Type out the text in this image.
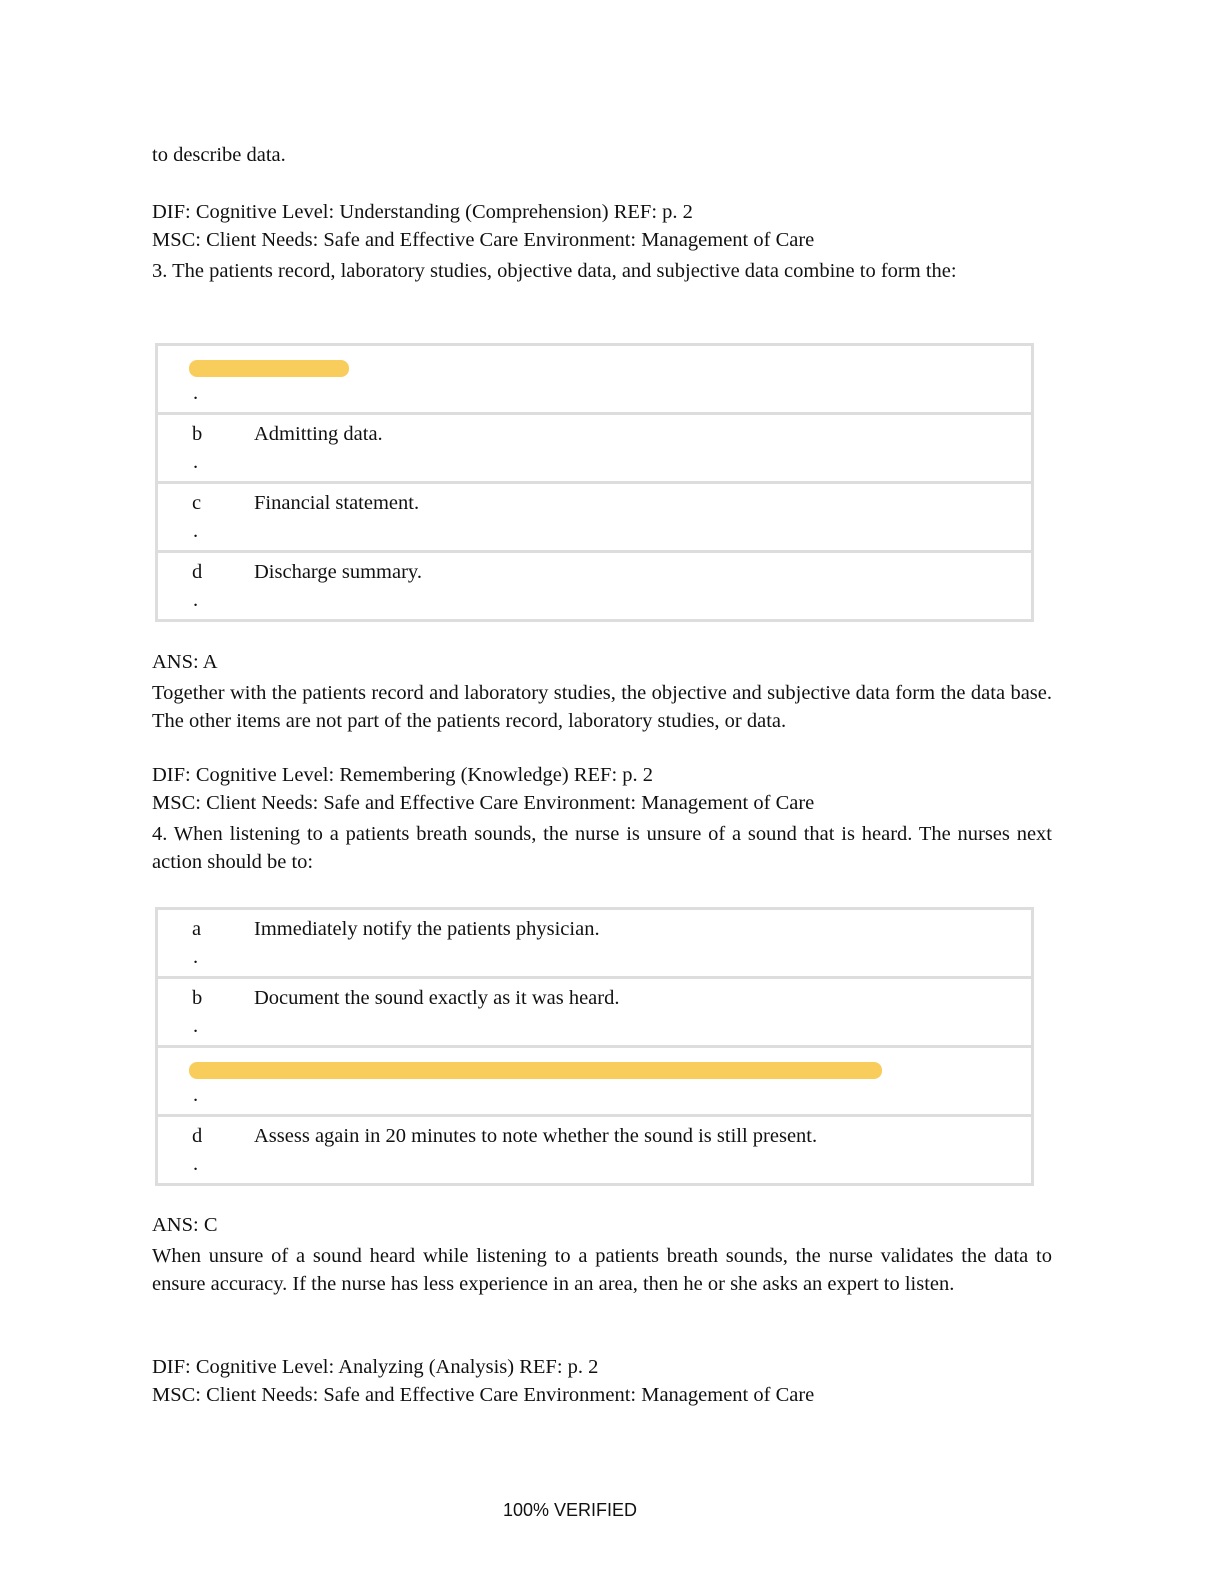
to describe data.
DIF: Cognitive Level: Understanding (Comprehension) REF: p. 2
MSC: Client Needs: Safe and Effective Care Environment: Management of Care
3. The patients record, laboratory studies, objective data, and subjective data combine to form the:
.	

b
.	Admitting data.

c
.	Financial statement.

d
.	Discharge summary.
ANS: A
Together with the patients record and laboratory studies, the objective and subjective data form the data base. The other items are not part of the patients record, laboratory studies, or data.
DIF: Cognitive Level: Remembering (Knowledge) REF: p. 2
MSC: Client Needs: Safe and Effective Care Environment: Management of Care
4. When listening to a patients breath sounds, the nurse is unsure of a sound that is heard. The nurses next action should be to:
a
.	Immediately notify the patients physician.

b
.	Document the sound exactly as it was heard.

.	

d
.	Assess again in 20 minutes to note whether the sound is still present.
ANS: C
When unsure of a sound heard while listening to a patients breath sounds, the nurse validates the data to ensure accuracy. If the nurse has less experience in an area, then he or she asks an expert to listen.
DIF: Cognitive Level: Analyzing (Analysis) REF: p. 2
MSC: Client Needs: Safe and Effective Care Environment: Management of Care
100% VERIFIED
